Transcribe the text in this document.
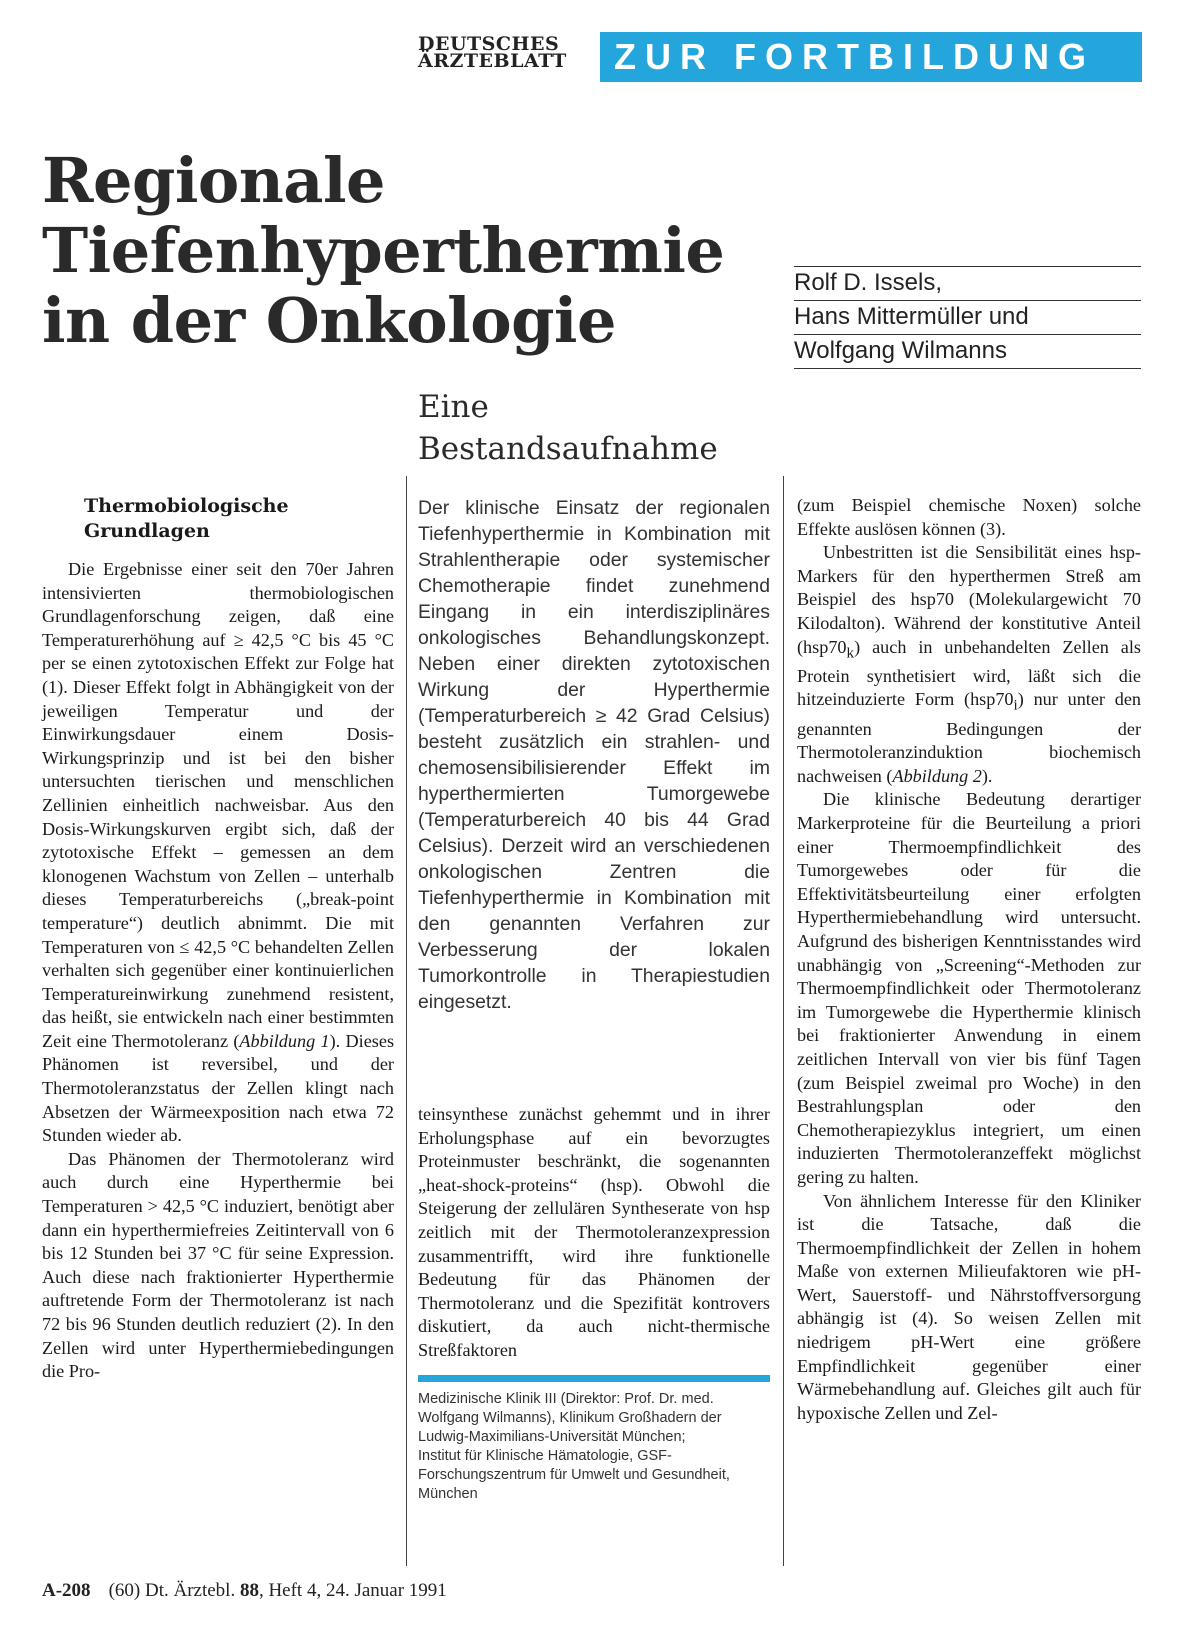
DEUTSCHES
ÄRZTEBLATT	ZUR FORTBILDUNG
Regionale
Tiefenhyperthermie
in der Onkologie
Eine
Bestandsaufnahme
Rolf D. Issels,
Hans Mittermüller und
Wolfgang Wilmanns
Thermobiologische
Grundlagen

Die Ergebnisse einer seit den 70er Jahren intensivierten thermobiologischen Grundlagenforschung zeigen, daß eine Temperaturerhöhung auf ≥ 42,5 °C bis 45 °C per se einen zytotoxischen Effekt zur Folge hat (1). Dieser Effekt folgt in Abhängigkeit von der jeweiligen Temperatur und der Einwirkungsdauer einem Dosis-Wirkungsprinzip und ist bei den bisher untersuchten tierischen und menschlichen Zellinien einheitlich nachweisbar. Aus den Dosis-Wirkungskurven ergibt sich, daß der zytotoxische Effekt – gemessen an dem klonogenen Wachstum von Zellen – unterhalb dieses Temperaturbereichs („break-point temperature“) deutlich abnimmt. Die mit Temperaturen von ≤ 42,5 °C behandelten Zellen verhalten sich gegenüber einer kontinuierlichen Temperatureinwirkung zunehmend resistent, das heißt, sie entwickeln nach einer bestimmten Zeit eine Thermotoleranz (Abbildung 1). Dieses Phänomen ist reversibel, und der Thermotoleranzstatus der Zellen klingt nach Absetzen der Wärmeexposition nach etwa 72 Stunden wieder ab.

Das Phänomen der Thermotoleranz wird auch durch eine Hyperthermie bei Temperaturen > 42,5 °C induziert, benötigt aber dann ein hyperthermiefreies Zeitintervall von 6 bis 12 Stunden bei 37 °C für seine Expression. Auch diese nach fraktionierter Hyperthermie auftretende Form der Thermotoleranz ist nach 72 bis 96 Stunden deutlich reduziert (2). In den Zellen wird unter Hyperthermiebedingungen die Pro-

Der klinische Einsatz der regionalen Tiefenhyperthermie in Kombination mit Strahlentherapie oder systemischer Chemotherapie findet zunehmend Eingang in ein interdisziplinäres onkologisches Behandlungskonzept. Neben einer direkten zytotoxischen Wirkung der Hyperthermie (Temperaturbereich ≥ 42 Grad Celsius) besteht zusätzlich ein strahlen- und chemosensibilisierender Effekt im hyperthermierten Tumorgewebe (Temperaturbereich 40 bis 44 Grad Celsius). Derzeit wird an verschiedenen onkologischen Zentren die Tiefenhyperthermie in Kombination mit den genannten Verfahren zur Verbesserung der lokalen Tumorkontrolle in Therapiestudien eingesetzt.

teinsynthese zunächst gehemmt und in ihrer Erholungsphase auf ein bevorzugtes Proteinmuster beschränkt, die sogenannten „heat-shock-proteins“ (hsp). Obwohl die Steigerung der zellulären Syntheserate von hsp zeitlich mit der Thermotoleranzexpression zusammentrifft, wird ihre funktionelle Bedeutung für das Phänomen der Thermotoleranz und die Spezifität kontrovers diskutiert, da auch nicht-thermische Streßfaktoren

Medizinische Klinik III (Direktor: Prof. Dr. med. Wolfgang Wilmanns), Klinikum Großhadern der Ludwig-Maximilians-Universität München;

Institut für Klinische Hämatologie, GSF-Forschungszentrum für Umwelt und Gesundheit, München

(zum Beispiel chemische Noxen) solche Effekte auslösen können (3).

Unbestritten ist die Sensibilität eines hsp-Markers für den hyperthermen Streß am Beispiel des hsp70 (Molekulargewicht 70 Kilodalton). Während der konstitutive Anteil $(hsp70_k)$ auch in unbehandelten Zellen als Protein synthetisiert wird, läßt sich die hitzeinduzierte Form $(hsp70_i)$ nur unter den genannten Bedingungen der Thermotoleranzinduktion biochemisch nachweisen (Abbildung 2).

Die klinische Bedeutung derartiger Markerproteine für die Beurteilung a priori einer Thermoempfindlichkeit des Tumorgewebes oder für die Effektivitätsbeurteilung einer erfolgten Hyperthermiebehandlung wird untersucht. Aufgrund des bisherigen Kenntnisstandes wird unabhängig von „Screening“-Methoden zur Thermoempfindlichkeit oder Thermotoleranz im Tumorgewebe die Hyperthermie klinisch bei fraktionierter Anwendung in einem zeitlichen Intervall von vier bis fünf Tagen (zum Beispiel zweimal pro Woche) in den Bestrahlungsplan oder den Chemotherapiezyklus integriert, um einen induzierten Thermotoleranzeffekt möglichst gering zu halten.

Von ähnlichem Interesse für den Kliniker ist die Tatsache, daß die Thermoempfindlichkeit der Zellen in hohem Maße von externen Milieufaktoren wie pH-Wert, Sauerstoff- und Nährstoffversorgung abhängig ist (4). So weisen Zellen mit niedrigem pH-Wert eine größere Empfindlichkeit gegenüber einer Wärmebehandlung auf. Gleiches gilt auch für hypoxische Zellen und Zel-

A-208 (60) Dt. Ärztebl. 88, Heft 4, 24. Januar 1991
